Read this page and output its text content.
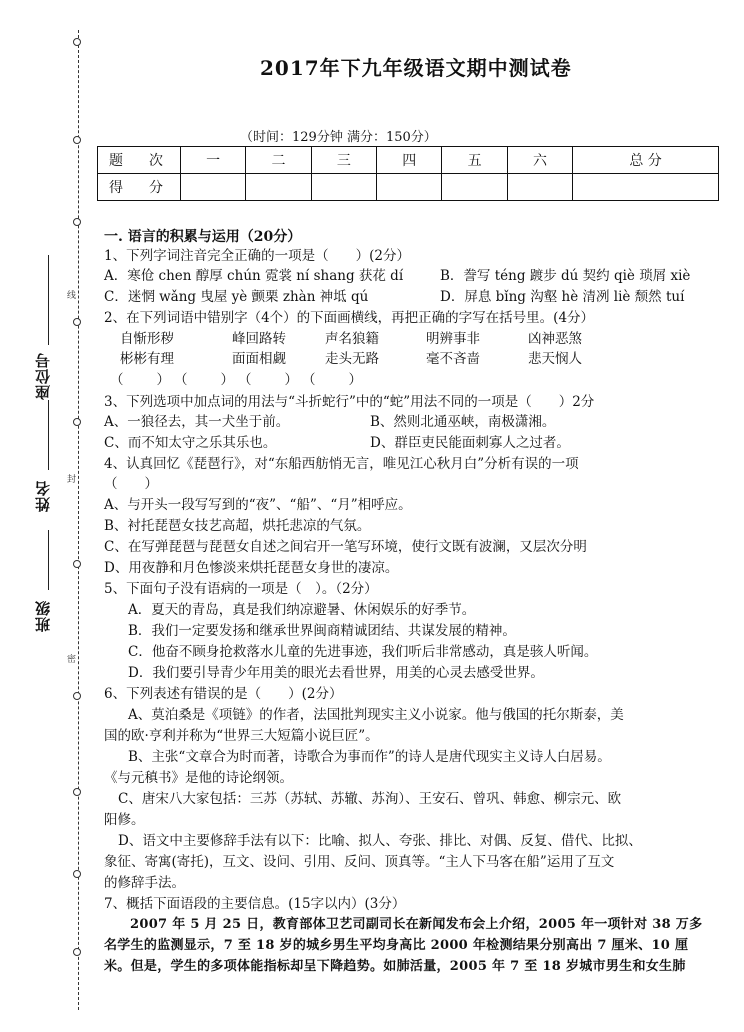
线
封
密
座位号
姓名
班级
2017年下九年级语文期中测试卷
（时间：129分钟 满分：150分）
题　次	一	二	三	四	五	六	总 分
得　分							
一. 语言的积累与运用（20分）
1、下列字词注音完全正确的一项是（　　）(2分）
A．寒伧 chen 醇厚 chún 霓裳 ní shang 获花 dí	B．誊写 téng 踱步 dú 契约 qiè 琐屑 xiè
C．迷惘 wǎng 曳屋 yè 颤栗 zhàn 神坻 qú	D．屏息 bǐng 沟壑 hè 清冽 liè 颓然 tuí
2、在下列词语中错别字（4个）的下面画横线，再把正确的字写在括号里。(4分）
自惭形秽	峰回路转	声名狼籍	明辨事非	凶神恶煞
彬彬有理	面面相觑	走头无路	毫不吝啬	悲天悯人
（　　）　（　　）　（　　）　（　　）
3、下列选项中加点词的用法与“斗折蛇行”中的“蛇”用法不同的一项是（　　）2分
A、一狼径去，其一犬坐于前。	B、然则北通巫峡，南极潇湘。
C、而不知太守之乐其乐也。	D、群臣吏民能面刺寡人之过者。
4、认真回忆《琵琶行》，对“东船西舫悄无言，唯见江心秋月白”分析有误的一项
（　　）
A、与开头一段写写到的“夜”、“船”、“月”相呼应。
B、衬托琵琶女技艺高超，烘托悲凉的气氛。
C、在写弹琵琶与琵琶女自述之间宕开一笔写环境，使行文既有波澜，又层次分明
D、用夜静和月色惨淡来烘托琵琶女身世的凄凉。
5、下面句子没有语病的一项是（　）。（2分）
A．夏天的青岛，真是我们纳凉避暑、休闲娱乐的好季节。
B．我们一定要发扬和继承世界闽商精诚团结、共谋发展的精神。
C．他奋不顾身抢救落水儿童的先进事迹，我们听后非常感动，真是骇人听闻。
D．我们要引导青少年用美的眼光去看世界，用美的心灵去感受世界。
6、下列表述有错误的是（　　）(2分）
A、莫泊桑是《项链》的作者，法国批判现实主义小说家。他与俄国的托尔斯泰，美
国的欧·亨利并称为“世界三大短篇小说巨匠”。
B、主张“文章合为时而著，诗歌合为事而作”的诗人是唐代现实主义诗人白居易。
《与元稹书》是他的诗论纲领。
C、唐宋八大家包括：三苏（苏轼、苏辙、苏洵）、王安石、曾巩、韩愈、柳宗元、欧
阳修。
D、语文中主要修辞手法有以下：比喻、拟人、夸张、排比、对偶、反复、借代、比拟、
象征、寄寓(寄托)，互文、设问、引用、反问、顶真等。“主人下马客在船”运用了互文
的修辞手法。
7、概括下面语段的主要信息。(15字以内）(3分）
2007 年 5 月 25 日，教育部体卫艺司副司长在新闻发布会上介绍，2005 年一项针对 38 万多
名学生的监测显示，7 至 18 岁的城乡男生平均身高比 2000 年检测结果分别高出 7 厘米、10 厘
米。但是，学生的多项体能指标却呈下降趋势。如肺活量，2005 年 7 至 18 岁城市男生和女生肺
